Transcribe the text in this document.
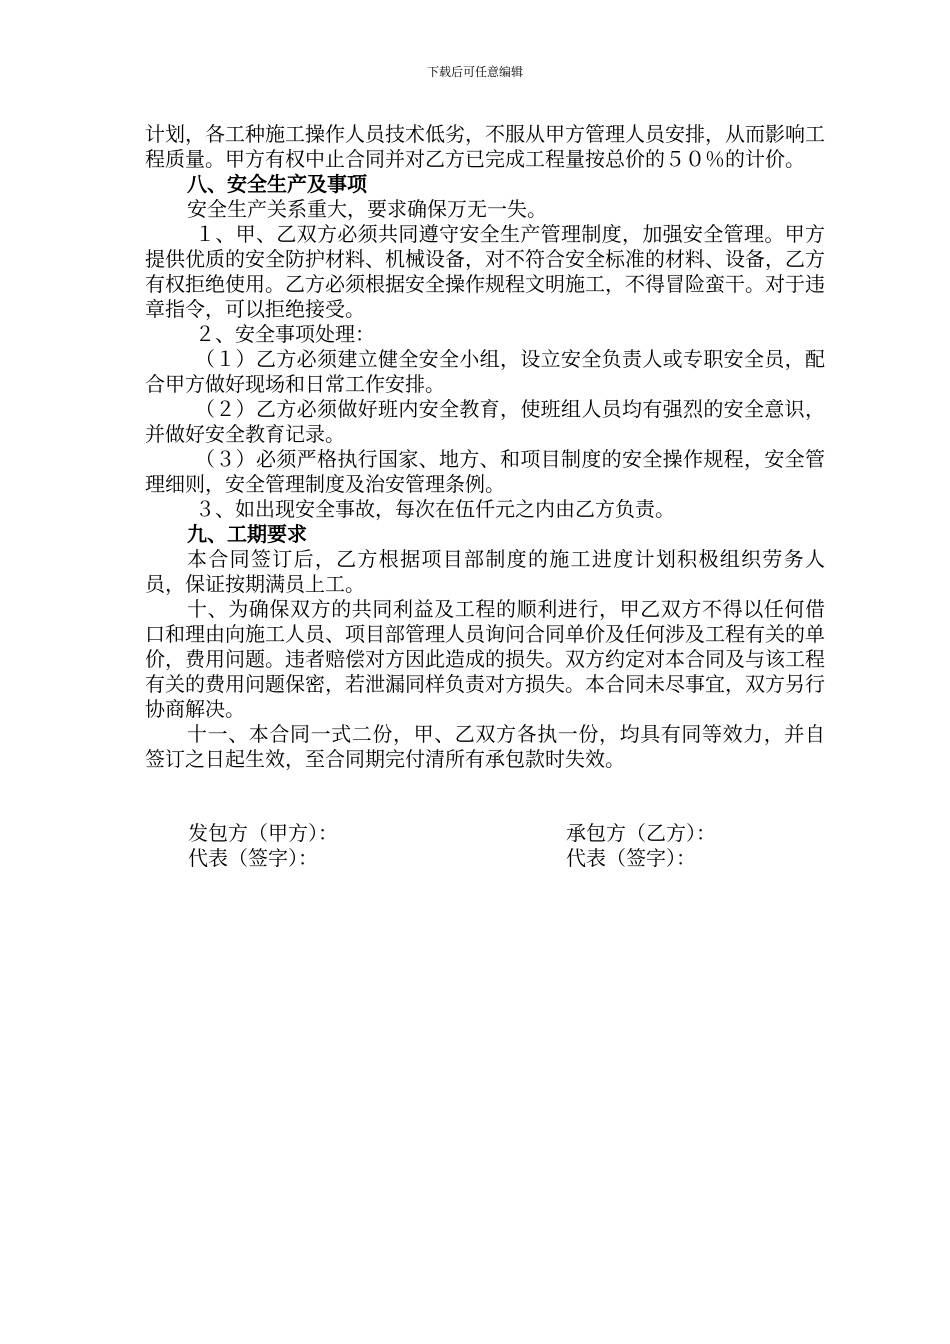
下载后可任意编辑

计划，各工种施工操作人员技术低劣，不服从甲方管理人员安排，从而影响工程质量。甲方有权中止合同并对乙方已完成工程量按总价的５０％的计价。

八、安全生产及事项

安全生产关系重大，要求确保万无一失。

１、甲、乙双方必须共同遵守安全生产管理制度，加强安全管理。甲方提供优质的安全防护材料、机械设备，对不符合安全标准的材料、设备，乙方有权拒绝使用。乙方必须根据安全操作规程文明施工，不得冒险蛮干。对于违章指令，可以拒绝接受。

２、安全事项处理：

（１）乙方必须建立健全安全小组，设立安全负责人或专职安全员，配合甲方做好现场和日常工作安排。

（２）乙方必须做好班内安全教育，使班组人员均有强烈的安全意识，并做好安全教育记录。

（３）必须严格执行国家、地方、和项目制度的安全操作规程，安全管理细则，安全管理制度及治安管理条例。

３、如出现安全事故，每次在伍仟元之内由乙方负责。

九、工期要求

本合同签订后，乙方根据项目部制度的施工进度计划积极组织劳务人员，保证按期满员上工。

十、为确保双方的共同利益及工程的顺利进行，甲乙双方不得以任何借口和理由向施工人员、项目部管理人员询问合同单价及任何涉及工程有关的单价，费用问题。违者赔偿对方因此造成的损失。双方约定对本合同及与该工程有关的费用问题保密，若泄漏同样负责对方损失。本合同未尽事宜，双方另行协商解决。

十一、本合同一式二份，甲、乙双方各执一份，均具有同等效力，并自签订之日起生效，至合同期完付清所有承包款时失效。

发包方（甲方）：	承包方（乙方）：
代表（签字）：	代表（签字）：
